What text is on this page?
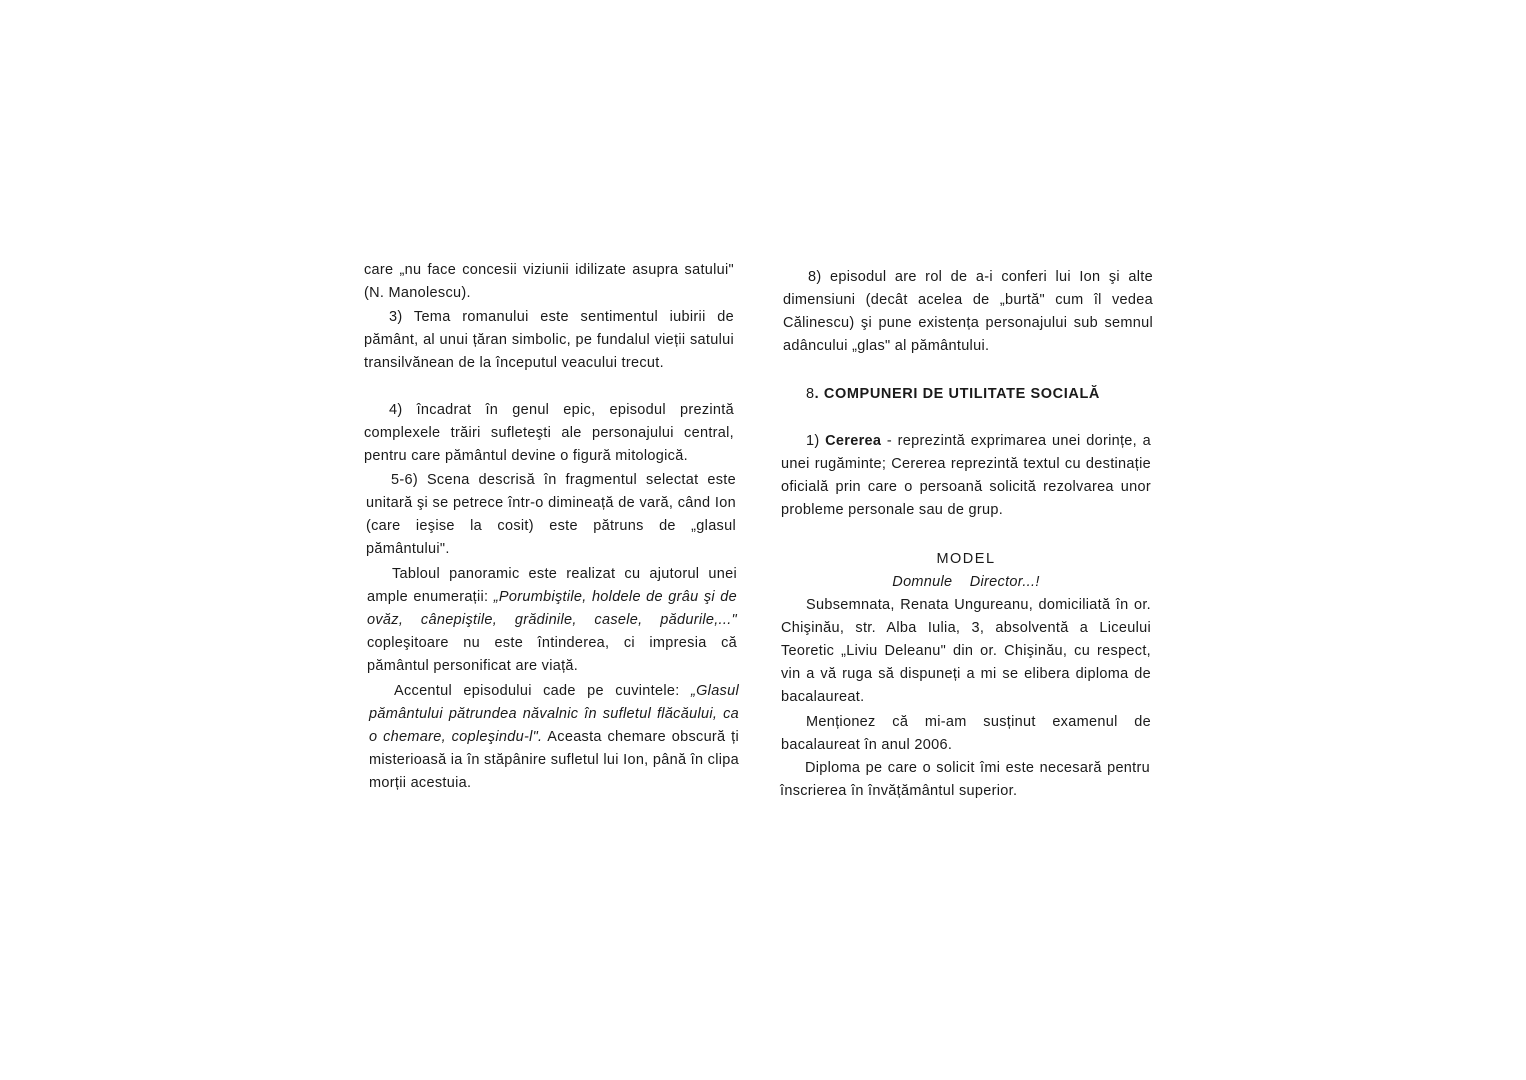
care „nu face concesii viziunii idilizate asupra satului" (N. Manolescu).

3) Tema romanului este sentimentul iubirii de pământ, al unui țăran simbolic, pe fundalul vieții satului transilvănean de la începutul veacului trecut.

4) încadrat în genul epic, episodul prezintă complexele trăiri sufleteşti ale personajului central, pentru care pământul devine o figură mitologică.

5-6) Scena descrisă în fragmentul selectat este unitară şi se petrece într-o dimineață de vară, când Ion (care ieşise la cosit) este pătruns de „glasul pământului".

Tabloul panoramic este realizat cu ajutorul unei ample enumerații: „Porumbiştile, holdele de grâu şi de ovăz, cânepiştile, grădinile, casele, pădurile,..." copleşitoare nu este întinderea, ci impresia că pământul personificat are viață.

Accentul episodului cade pe cuvintele: „Glasul pământului pătrundea năvalnic în sufletul flăcăului, ca o chemare, copleşindu-l". Aceasta chemare obscură ți misterioasă ia în stăpânire sufletul lui Ion, până în clipa morții acestuia.

8) episodul are rol de a-i conferi lui Ion şi alte dimensiuni (decât acelea de „burtă" cum îl vedea Călinescu) şi pune existența personajului sub semnul adâncului „glas" al pământului.

8. COMPUNERI DE UTILITATE SOCIALĂ

1) Cererea - reprezintă exprimarea unei dorințe, a unei rugăminte; Cererea reprezintă textul cu destinație oficială prin care o persoană solicită rezolvarea unor probleme personale sau de grup.

MODEL

Domnule    Director...!

Subsemnata, Renata Ungureanu, domiciliată în or. Chişinău, str. Alba Iulia, 3, absolventă a Liceului Teoretic „Liviu Deleanu" din or. Chişinău, cu respect, vin a vă ruga să dispuneți a mi se elibera diploma de bacalaureat.

Menționez că mi-am susținut examenul de bacalaureat în anul 2006.

Diploma pe care o solicit îmi este necesară pentru înscrierea în învățământul superior.
